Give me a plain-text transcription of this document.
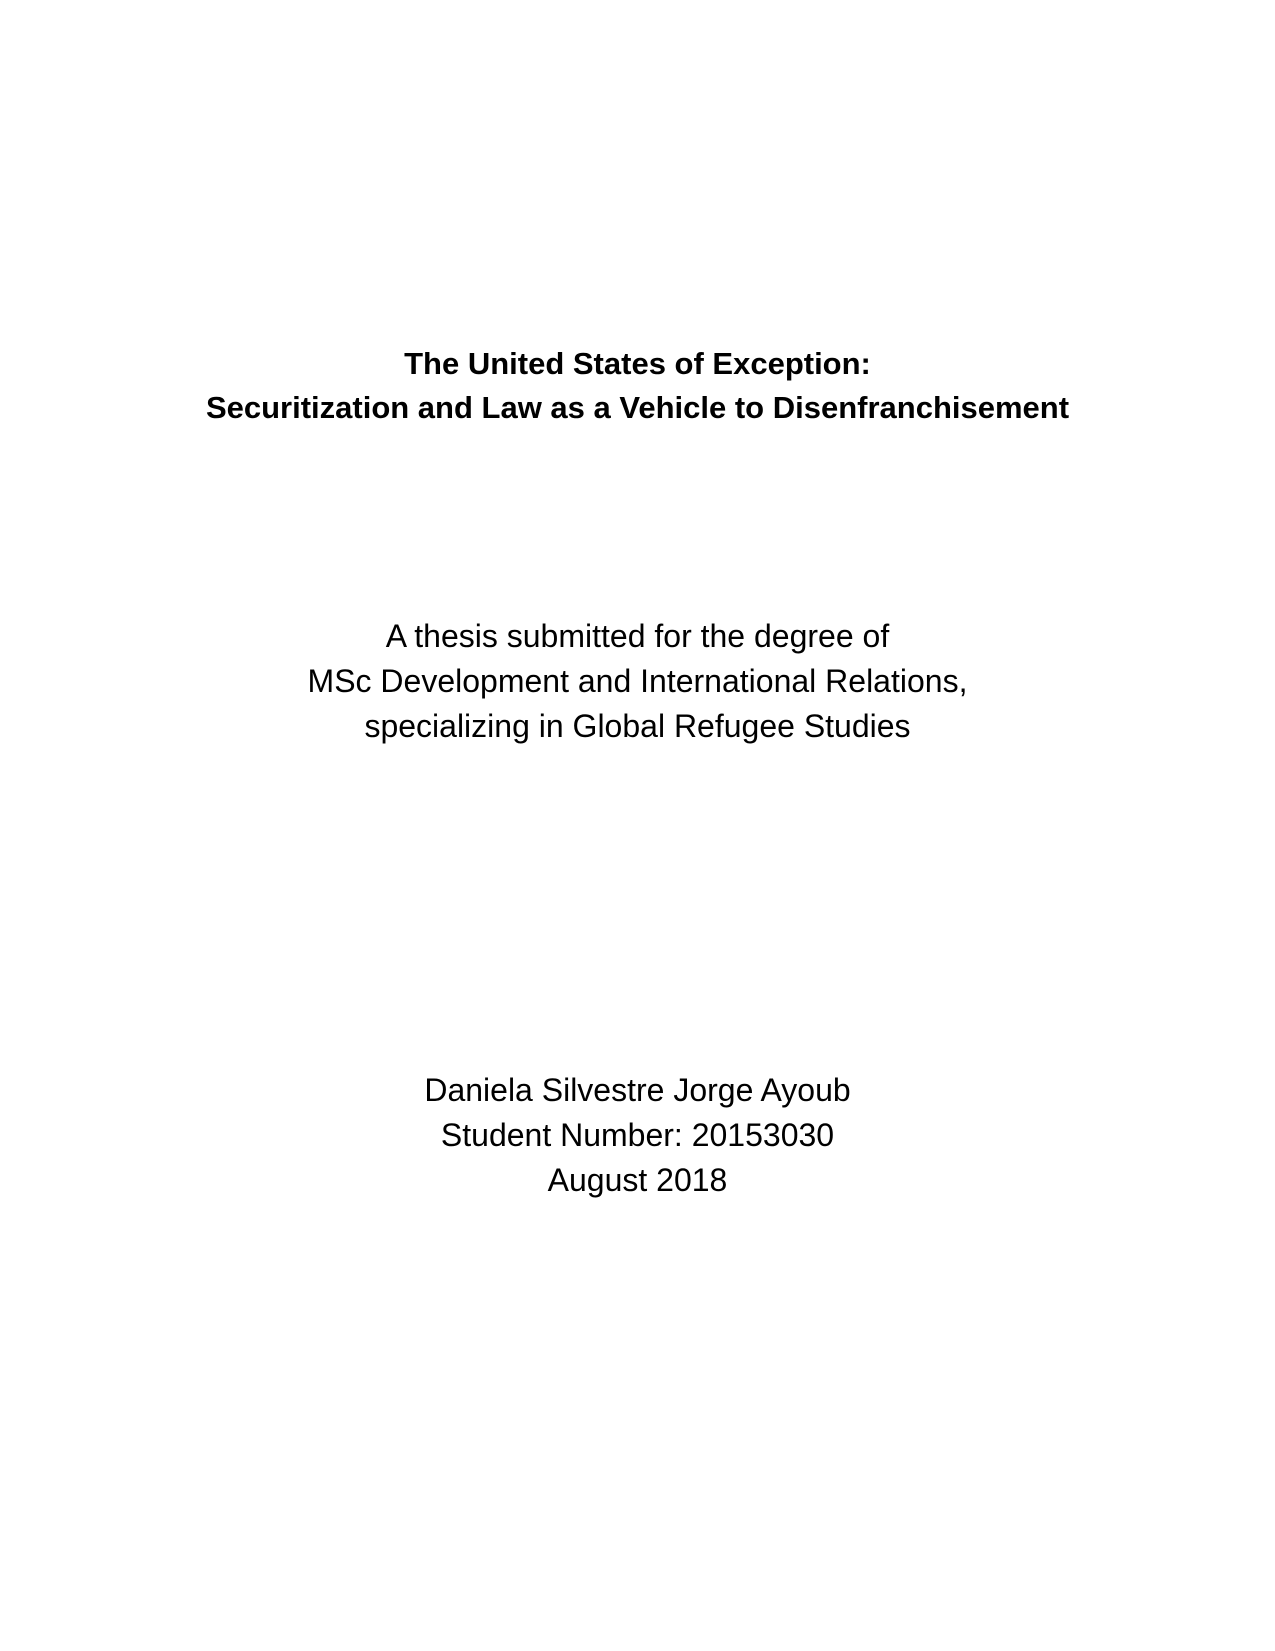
The United States of Exception:
Securitization and Law as a Vehicle to Disenfranchisement
A thesis submitted for the degree of
MSc Development and International Relations,
specializing in Global Refugee Studies
Daniela Silvestre Jorge Ayoub
Student Number: 20153030
August 2018
